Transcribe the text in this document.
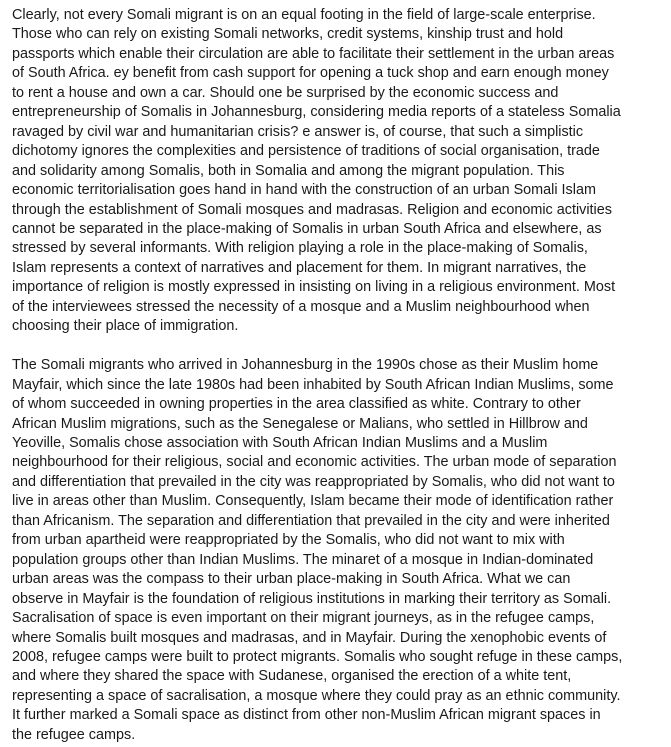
Clearly, not every Somali migrant is on an equal footing in the field of large-scale enterprise.
Those who can rely on existing Somali networks, credit systems, kinship trust and hold
passports which enable their circulation are able to facilitate their settlement in the urban areas
of South Africa. ey benefit from cash support for opening a tuck shop and earn enough money
to rent a house and own a car. Should one be surprised by the economic success and
entrepreneurship of Somalis in Johannesburg, considering media reports of a stateless Somalia
ravaged by civil war and humanitarian crisis? e answer is, of course, that such a simplistic
dichotomy ignores the complexities and persistence of traditions of social organisation, trade
and solidarity among Somalis, both in Somalia and among the migrant population. This
economic territorialisation goes hand in hand with the construction of an urban Somali Islam
through the establishment of Somali mosques and madrasas. Religion and economic activities
cannot be separated in the place-making of Somalis in urban South Africa and elsewhere, as
stressed by several informants. With religion playing a role in the place-making of Somalis,
Islam represents a context of narratives and placement for them. In migrant narratives, the
importance of religion is mostly expressed in insisting on living in a religious environment. Most
of the interviewees stressed the necessity of a mosque and a Muslim neighbourhood when
choosing their place of immigration.

The Somali migrants who arrived in Johannesburg in the 1990s chose as their Muslim home
Mayfair, which since the late 1980s had been inhabited by South African Indian Muslims, some
of whom succeeded in owning properties in the area classified as white. Contrary to other
African Muslim migrations, such as the Senegalese or Malians, who settled in Hillbrow and
Yeoville, Somalis chose association with South African Indian Muslims and a Muslim
neighbourhood for their religious, social and economic activities. The urban mode of separation
and differentiation that prevailed in the city was reappropriated by Somalis, who did not want to
live in areas other than Muslim. Consequently, Islam became their mode of identification rather
than Africanism. The separation and differentiation that prevailed in the city and were inherited
from urban apartheid were reappropriated by the Somalis, who did not want to mix with
population groups other than Indian Muslims. The minaret of a mosque in Indian-dominated
urban areas was the compass to their urban place-making in South Africa. What we can
observe in Mayfair is the foundation of religious institutions in marking their territory as Somali.
Sacralisation of space is even important on their migrant journeys, as in the refugee camps,
where Somalis built mosques and madrasas, and in Mayfair. During the xenophobic events of
2008, refugee camps were built to protect migrants. Somalis who sought refuge in these camps,
and where they shared the space with Sudanese, organised the erection of a white tent,
representing a space of sacralisation, a mosque where they could pray as an ethnic community.
It further marked a Somali space as distinct from other non-Muslim African migrant spaces in
the refugee camps.
